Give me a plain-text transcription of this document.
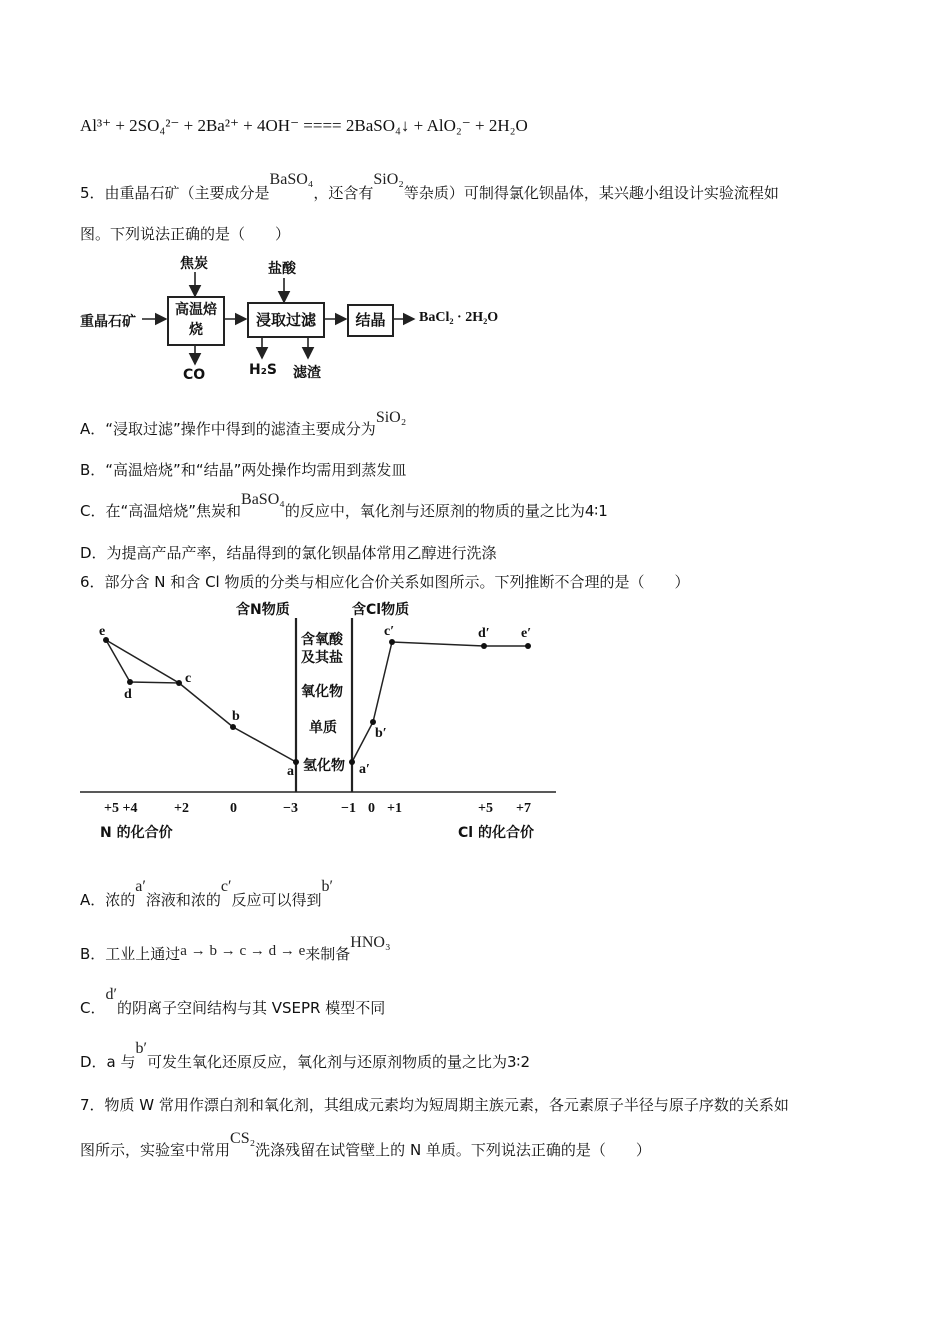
Al³⁺ + 2SO₄²⁻ + 2Ba²⁺ + 4OH⁻ ==== 2BaSO₄↓ + AlO₂⁻ + 2H₂O
5．由重晶石矿（主要成分是BaSO₄，还含有SiO₂等杂质）可制得氯化钡晶体，某兴趣小组设计实验流程如
图。下列说法正确的是（　　）
重晶石矿
焦炭
高温焙烧
CO
盐酸
浸取过滤
H₂S 滤渣
结晶	BaCl₂ · 2H₂O
A．“浸取过滤”操作中得到的滤渣主要成分为SiO₂
B．“高温焙烧”和“结晶”两处操作均需用到蒸发皿
C．在“高温焙烧”焦炭和BaSO₄的反应中，氧化剂与还原剂的物质的量之比为4∶1
D．为提高产品产率，结晶得到的氯化钡晶体常用乙醇进行洗涤
6．部分含 N 和含 Cl 物质的分类与相应化合价关系如图所示。下列推断不合理的是（　　）
含N物质	含Cl物质
含氧酸
及其盐
氧化物
单质
氢化物
e
d
c
b
a	a′
b′
c′	d′ e′
+5 +4	+2	0	−3	−1 0 +1	+5 +7
N 的化合价	Cl 的化合价
A．浓的a′溶液和浓的c′反应可以得到b′
B．工业上通过a → b → c → d → e来制备HNO₃
C．d′的阴离子空间结构与其 VSEPR 模型不同
D．a 与b′可发生氧化还原反应，氧化剂与还原剂物质的量之比为3∶2
7．物质 W 常用作漂白剂和氧化剂，其组成元素均为短周期主族元素，各元素原子半径与原子序数的关系如
图所示，实验室中常用CS₂洗涤残留在试管壁上的 N 单质。下列说法正确的是（　　）
